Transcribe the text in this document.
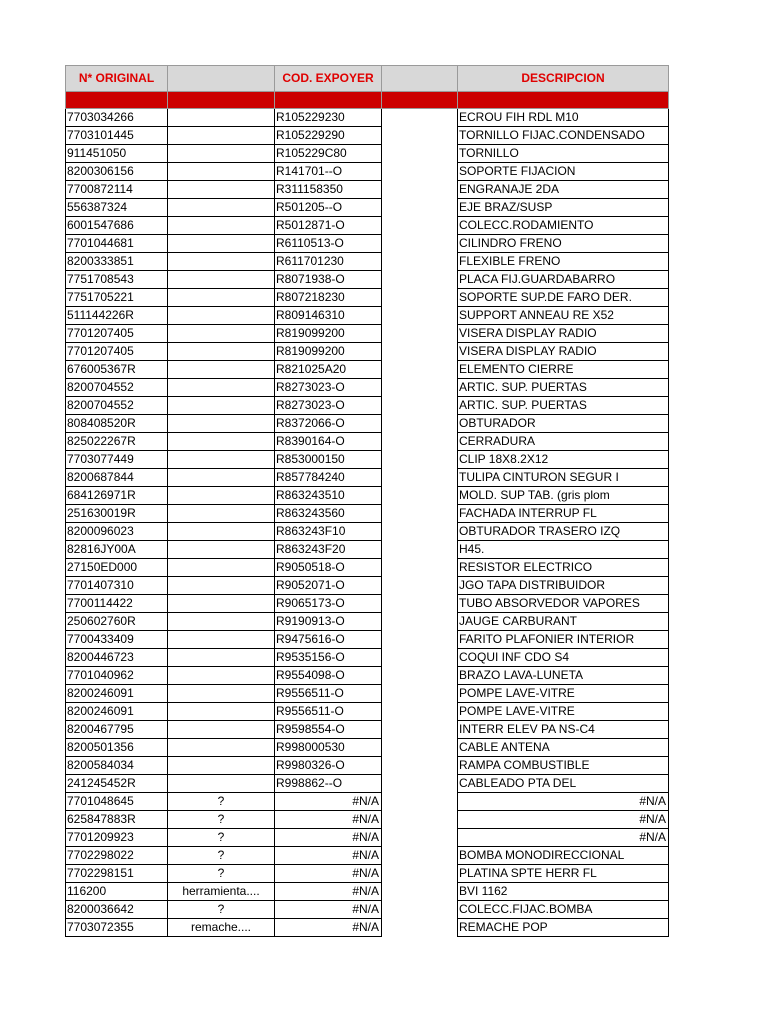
N* ORIGINAL		COD. EXPOYER		DESCRIPCION

7703034266		R105229230		ECROU FIH RDL M10
7703101445		R105229290		TORNILLO FIJAC.CONDENSADO
911451050		R105229C80		TORNILLO
8200306156		R141701--O		SOPORTE FIJACION
7700872114		R311158350		ENGRANAJE 2DA
556387324		R501205--O		EJE BRAZ/SUSP
6001547686		R5012871-O		COLECC.RODAMIENTO
7701044681		R6110513-O		CILINDRO FRENO
8200333851		R611701230		FLEXIBLE FRENO
7751708543		R8071938-O		PLACA FIJ.GUARDABARRO
7751705221		R807218230		SOPORTE SUP.DE FARO DER.
511144226R		R809146310		SUPPORT ANNEAU RE X52
7701207405		R819099200		VISERA DISPLAY RADIO
7701207405		R819099200		VISERA DISPLAY RADIO
676005367R		R821025A20		ELEMENTO CIERRE
8200704552		R8273023-O		ARTIC. SUP. PUERTAS
8200704552		R8273023-O		ARTIC. SUP. PUERTAS
808408520R		R8372066-O		OBTURADOR
825022267R		R8390164-O		CERRADURA
7703077449		R853000150		CLIP 18X8.2X12
8200687844		R857784240		TULIPA CINTURON SEGUR I
684126971R		R863243510		MOLD. SUP TAB. (gris plom
251630019R		R863243560		FACHADA INTERRUP FL
8200096023		R863243F10		OBTURADOR TRASERO IZQ
82816JY00A		R863243F20		H45.
27150ED000		R9050518-O		RESISTOR ELECTRICO
7701407310		R9052071-O		JGO TAPA DISTRIBUIDOR
7700114422		R9065173-O		TUBO ABSORVEDOR VAPORES
250602760R		R9190913-O		JAUGE CARBURANT
7700433409		R9475616-O		FARITO PLAFONIER INTERIOR
8200446723		R9535156-O		COQUI INF CDO S4
7701040962		R9554098-O		BRAZO LAVA-LUNETA
8200246091		R9556511-O		POMPE LAVE-VITRE
8200246091		R9556511-O		POMPE LAVE-VITRE
8200467795		R9598554-O		INTERR ELEV PA NS-C4
8200501356		R998000530		CABLE ANTENA
8200584034		R9980326-O		RAMPA COMBUSTIBLE
241245452R		R998862--O		CABLEADO PTA DEL
7701048645	?	#N/A		#N/A
625847883R	?	#N/A		#N/A
7701209923	?	#N/A		#N/A
7702298022	?	#N/A		BOMBA MONODIRECCIONAL
7702298151	?	#N/A		PLATINA SPTE HERR FL
116200	herramienta....	#N/A		BVI 1162
8200036642	?	#N/A		COLECC.FIJAC.BOMBA
7703072355	remache....	#N/A		REMACHE POP
